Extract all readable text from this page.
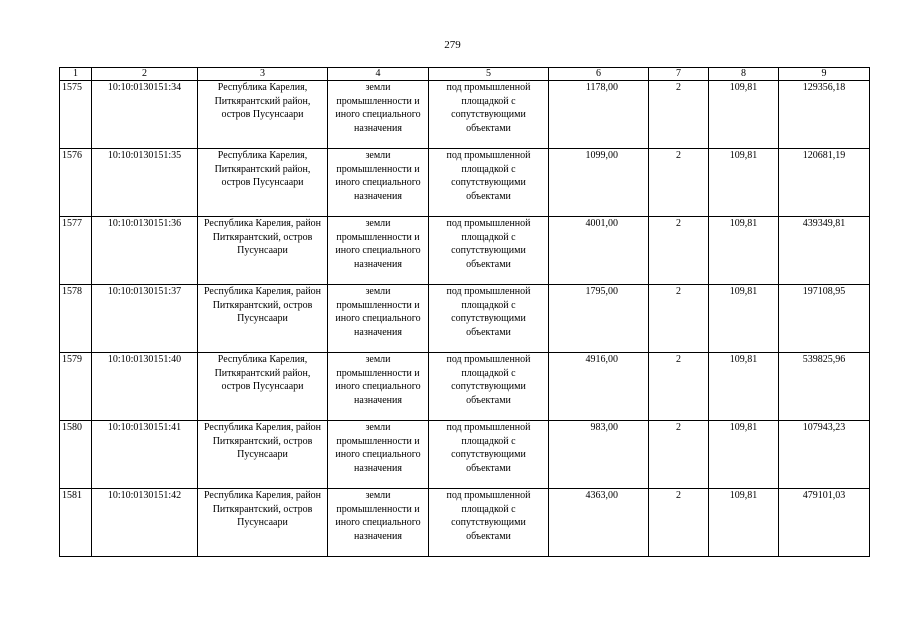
279
1	2	3	4	5	6	7	8	9
1575	10:10:0130151:34	Республика Карелия, Питкярантский район, остров Пусунсаари	земли промышленности и иного специального назначения	под промышленной площадкой с сопутствующими объектами	1178,00	2	109,81	129356,18
1576	10:10:0130151:35	Республика Карелия, Питкярантский район, остров Пусунсаари	земли промышленности и иного специального назначения	под промышленной площадкой с сопутствующими объектами	1099,00	2	109,81	120681,19
1577	10:10:0130151:36	Республика Карелия, район Питкярантский, остров Пусунсаари	земли промышленности и иного специального назначения	под промышленной площадкой с сопутствующими объектами	4001,00	2	109,81	439349,81
1578	10:10:0130151:37	Республика Карелия, район Питкярантский, остров Пусунсаари	земли промышленности и иного специального назначения	под промышленной площадкой с сопутствующими объектами	1795,00	2	109,81	197108,95
1579	10:10:0130151:40	Республика Карелия, Питкярантский район, остров Пусунсаари	земли промышленности и иного специального назначения	под промышленной площадкой с сопутствующими объектами	4916,00	2	109,81	539825,96
1580	10:10:0130151:41	Республика Карелия, район Питкярантский, остров Пусунсаари	земли промышленности и иного специального назначения	под промышленной площадкой с сопутствующими объектами	983,00	2	109,81	107943,23
1581	10:10:0130151:42	Республика Карелия, район Питкярантский, остров Пусунсаари	земли промышленности и иного специального назначения	под промышленной площадкой с сопутствующими объектами	4363,00	2	109,81	479101,03
